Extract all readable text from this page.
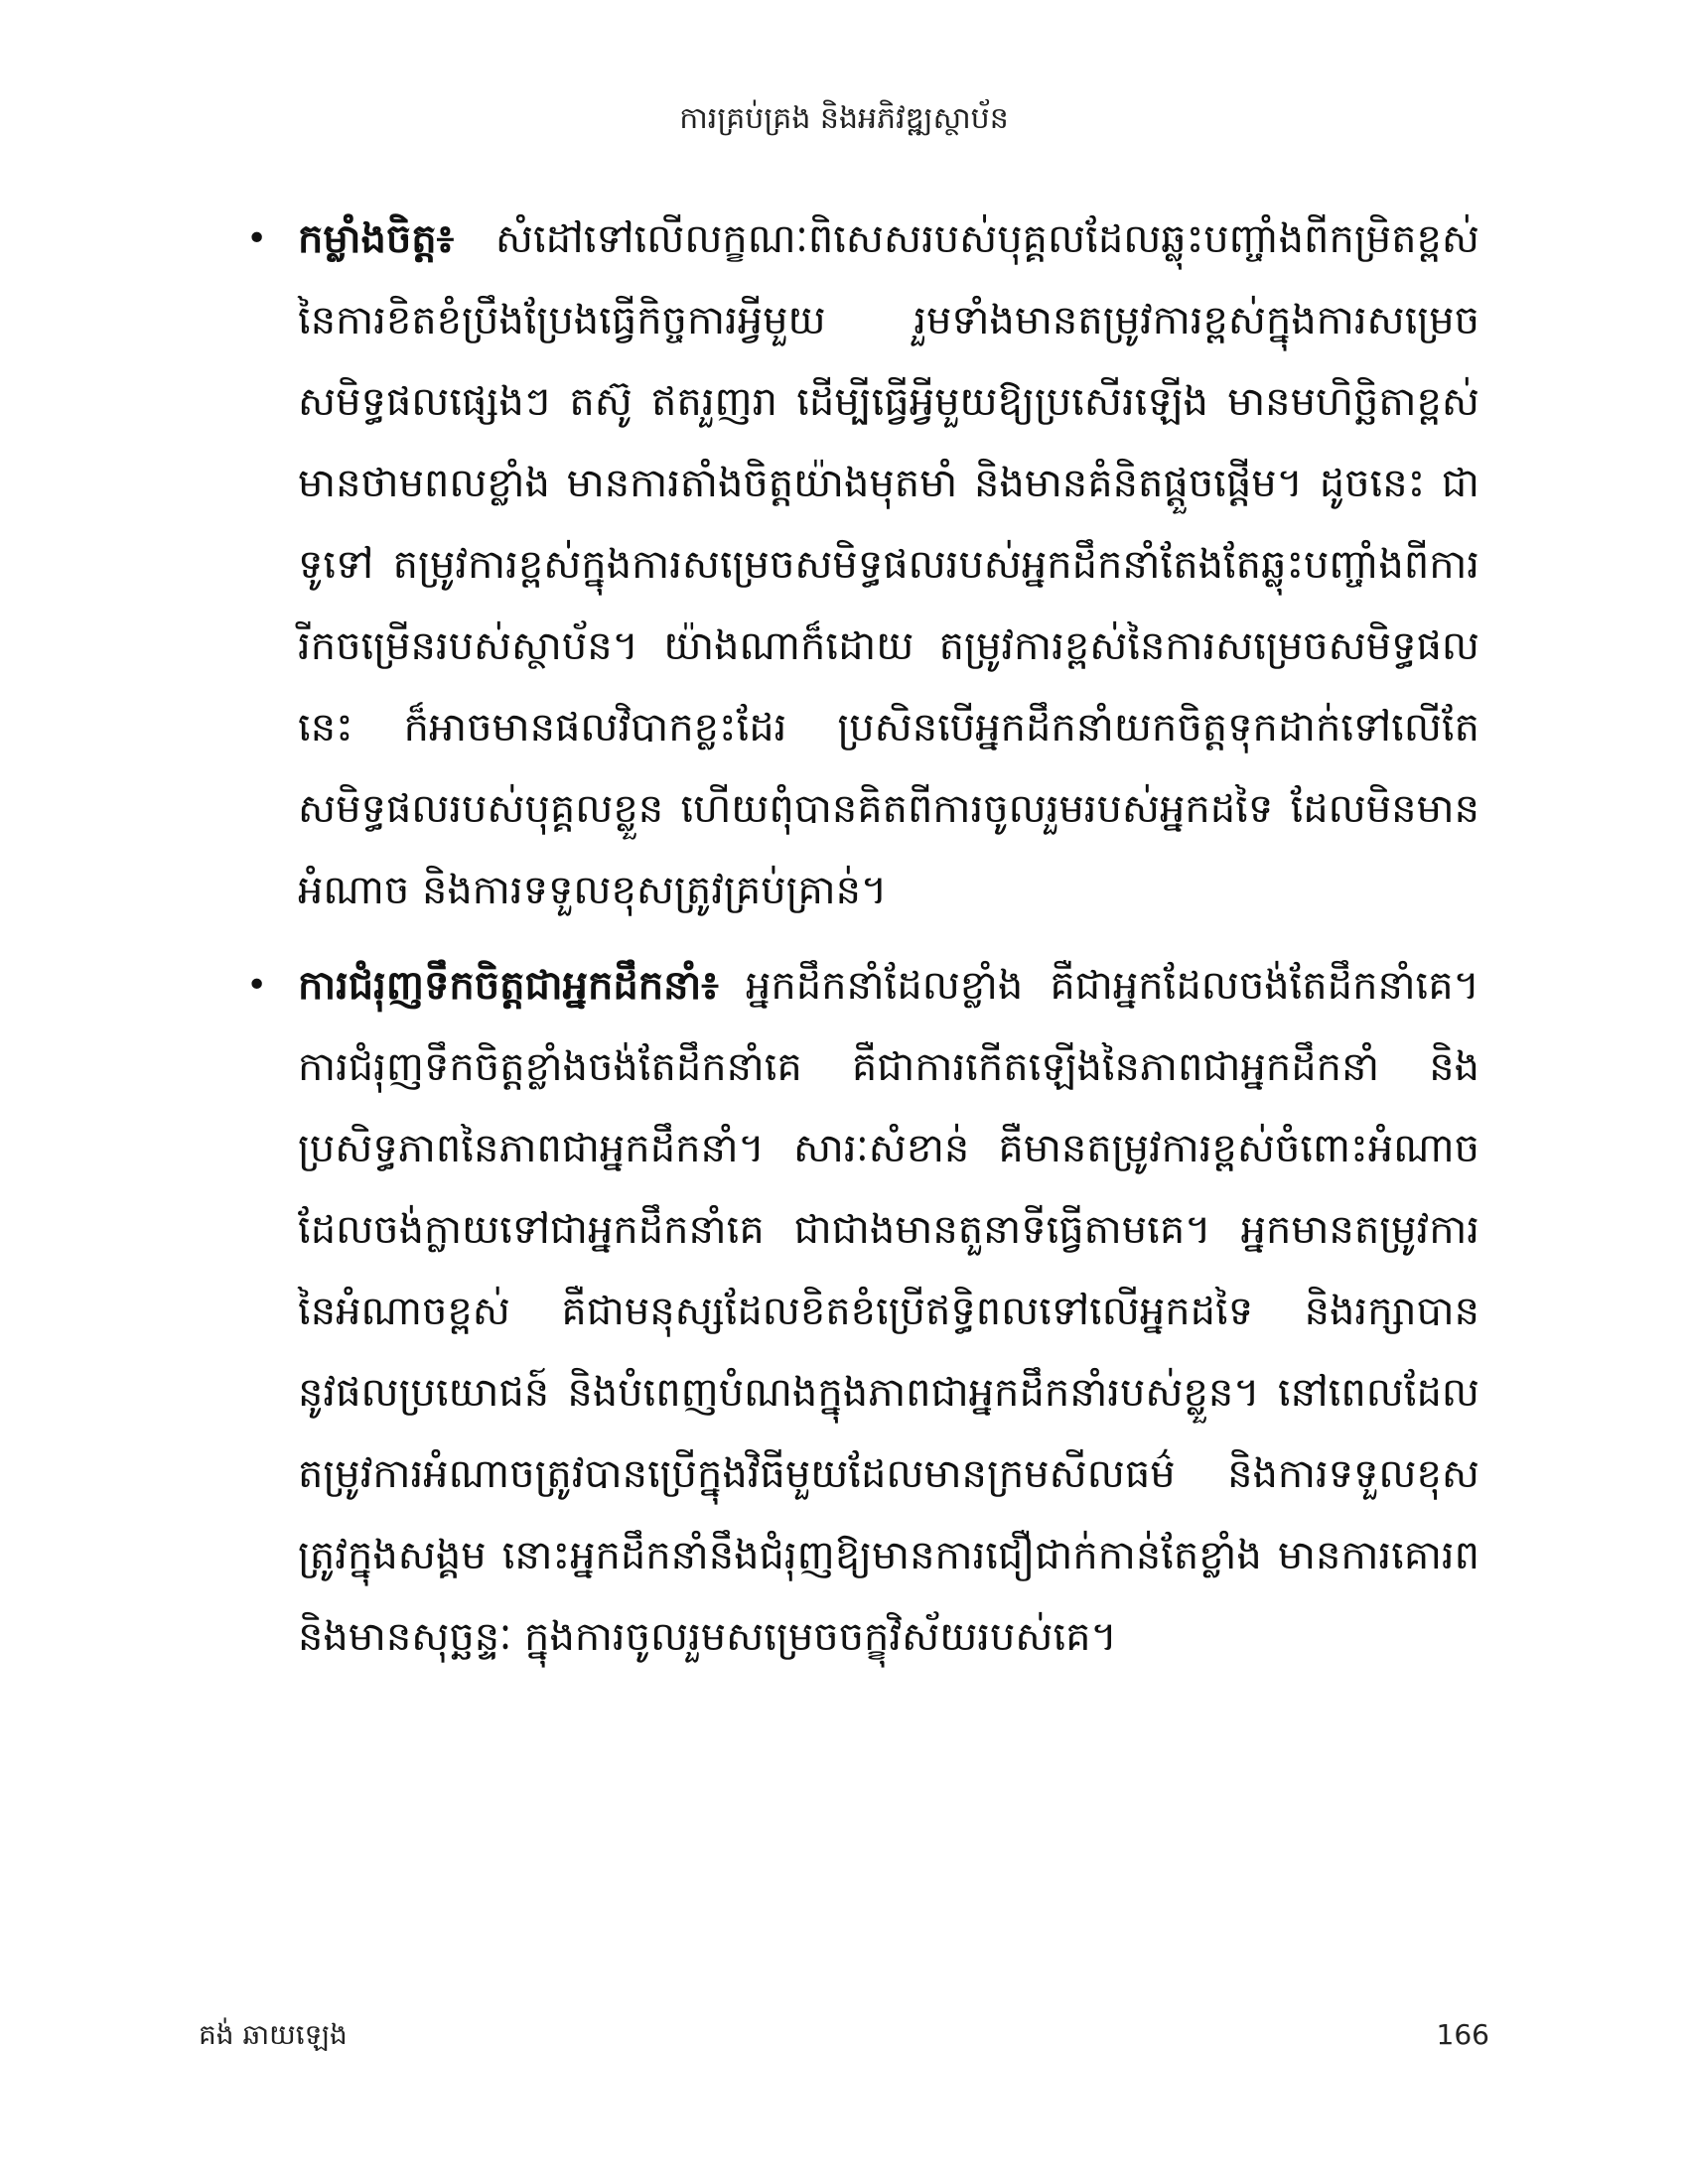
ការគ្រប់គ្រង និងអភិវឌ្ឍស្ថាប័ន
• កម្លាំងចិត្ត៖ សំដៅទៅលើលក្ខណៈពិសេសរបស់បុគ្គលដែលឆ្លុះបញ្ចាំងពីកម្រិតខ្ពស់នៃការខិតខំប្រឹងប្រែងធ្វើកិច្ចការអ្វីមួយ រួមទាំងមានតម្រូវការខ្ពស់ក្នុងការសម្រេចសមិទ្ធផលផ្សេងៗ តស៊ូ ឥតរួញរា ដើម្បីធ្វើអ្វីមួយឱ្យប្រសើរឡើង មានមហិច្ឆិតាខ្ពស់ មានថាមពលខ្លាំង មានការតាំងចិត្តយ៉ាងមុតមាំ និងមានគំនិតផ្តួចផ្តើម។ ដូចនេះ ជាទូទៅ តម្រូវការខ្ពស់ក្នុងការសម្រេចសមិទ្ធផលរបស់អ្នកដឹកនាំតែងតែឆ្លុះបញ្ចាំងពីការរីកចម្រើនរបស់ស្ថាប័ន។ យ៉ាងណាក៏ដោយ តម្រូវការខ្ពស់នៃការសម្រេចសមិទ្ធផលនេះ ក៏អាចមានផលវិបាកខ្លះដែរ ប្រសិនបើអ្នកដឹកនាំយកចិត្តទុកដាក់ទៅលើតែសមិទ្ធផលរបស់បុគ្គលខ្លួន ហើយពុំបានគិតពីការចូលរួមរបស់អ្នកដទៃ ដែលមិនមានអំណាច និងការទទួលខុសត្រូវគ្រប់គ្រាន់។
• ការជំរុញទឹកចិត្តជាអ្នកដឹកនាំ៖ អ្នកដឹកនាំដែលខ្លាំង គឺជាអ្នកដែលចង់តែដឹកនាំគេ។ ការជំរុញទឹកចិត្តខ្លាំងចង់តែដឹកនាំគេ គឺជាការកើតឡើងនៃភាពជាអ្នកដឹកនាំ និងប្រសិទ្ធភាពនៃភាពជាអ្នកដឹកនាំ។ សារៈសំខាន់ គឺមានតម្រូវការខ្ពស់ចំពោះអំណាចដែលចង់ក្លាយទៅជាអ្នកដឹកនាំគេ ជាជាងមានតួនាទីធ្វើតាមគេ។ អ្នកមានតម្រូវការនៃអំណាចខ្ពស់ គឺជាមនុស្សដែលខិតខំប្រើឥទ្ធិពលទៅលើអ្នកដទៃ និងរក្សាបាននូវផលប្រយោជន៍ និងបំពេញបំណងក្នុងភាពជាអ្នកដឹកនាំរបស់ខ្លួន។ នៅពេលដែលតម្រូវការអំណាចត្រូវបានប្រើក្នុងវិធីមួយដែលមានក្រមសីលធម៌ និងការទទួលខុសត្រូវក្នុងសង្គម នោះអ្នកដឹកនាំនឹងជំរុញឱ្យមានការជឿជាក់កាន់តែខ្លាំង មានការគោរព និងមានសុច្ឆន្ទៈ ក្នុងការចូលរួមសម្រេចចក្ខុវិស័យរបស់គេ។
គង់ ឆាយឡេង	166
